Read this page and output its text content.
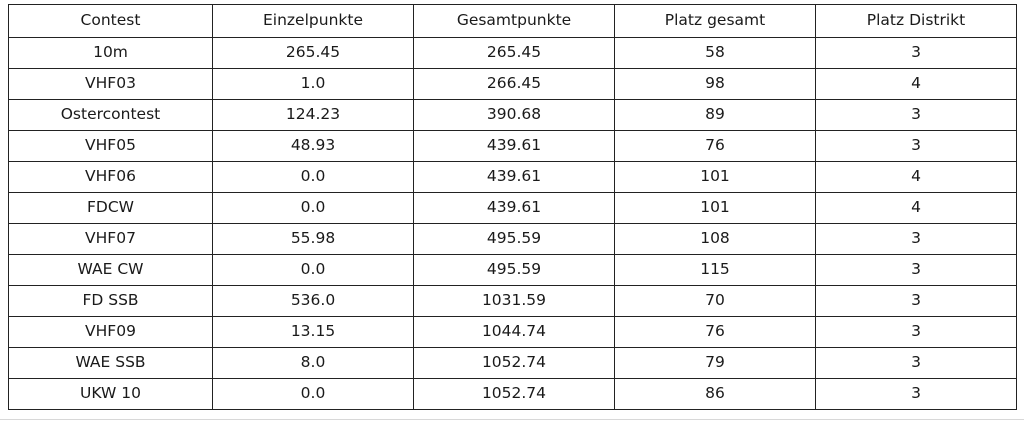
Contest	Einzelpunkte	Gesamtpunkte	Platz gesamt	Platz Distrikt
10m	265.45	265.45	58	3
VHF03	1.0	266.45	98	4
Ostercontest	124.23	390.68	89	3
VHF05	48.93	439.61	76	3
VHF06	0.0	439.61	101	4
FDCW	0.0	439.61	101	4
VHF07	55.98	495.59	108	3
WAE CW	0.0	495.59	115	3
FD SSB	536.0	1031.59	70	3
VHF09	13.15	1044.74	76	3
WAE SSB	8.0	1052.74	79	3
UKW 10	0.0	1052.74	86	3
